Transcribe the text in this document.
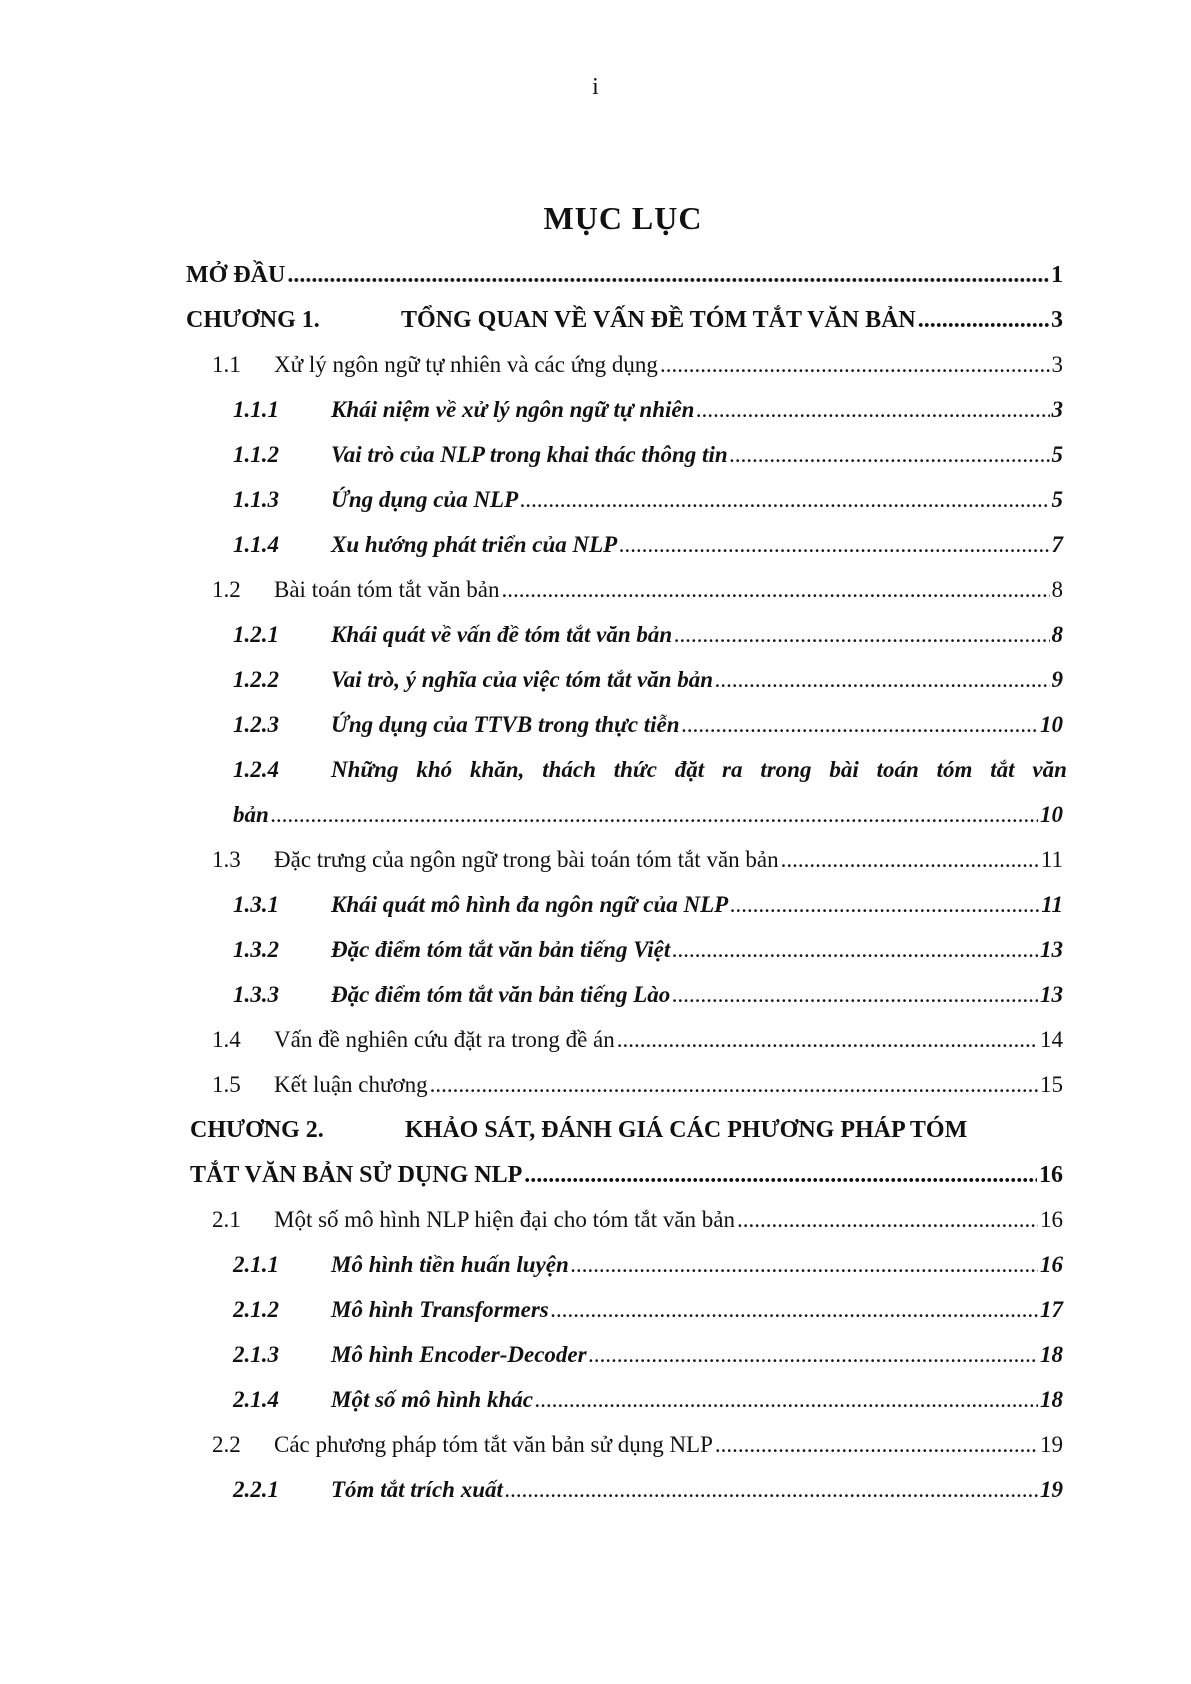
i
MỤC LỤC
MỞ ĐẦU .....	1
CHƯƠNG 1.	TỔNG QUAN VỀ VẤN ĐỀ TÓM TẮT VĂN BẢN .....	3
1.1	Xử lý ngôn ngữ tự nhiên và các ứng dụng .....	3
1.1.1	Khái niệm về xử lý ngôn ngữ tự nhiên .....	3
1.1.2	Vai trò của NLP trong khai thác thông tin .....	5
1.1.3	Ứng dụng của NLP .....	5
1.1.4	Xu hướng phát triển của NLP .....	7
1.2	Bài toán tóm tắt văn bản .....	8
1.2.1	Khái quát về vấn đề tóm tắt văn bản .....	8
1.2.2	Vai trò, ý nghĩa của việc tóm tắt văn bản .....	9
1.2.3	Ứng dụng của TTVB trong thực tiễn .....	10
1.2.4	Những khó khăn, thách thức đặt ra trong bài toán tóm tắt văn
bản .....	10
1.3	Đặc trưng của ngôn ngữ trong bài toán tóm tắt văn bản .....	11
1.3.1	Khái quát mô hình đa ngôn ngữ của NLP .....	11
1.3.2	Đặc điểm tóm tắt văn bản tiếng Việt .....	13
1.3.3	Đặc điểm tóm tắt văn bản tiếng Lào .....	13
1.4	Vấn đề nghiên cứu đặt ra trong đề án .....	14
1.5	Kết luận chương .....	15
CHƯƠNG 2.	KHẢO SÁT, ĐÁNH GIÁ CÁC PHƯƠNG PHÁP TÓM
TẮT VĂN BẢN SỬ DỤNG NLP .....	16
2.1	Một số mô hình NLP hiện đại cho tóm tắt văn bản .....	16
2.1.1	Mô hình tiền huấn luyện .....	16
2.1.2	Mô hình Transformers .....	17
2.1.3	Mô hình Encoder-Decoder .....	18
2.1.4	Một số mô hình khác .....	18
2.2	Các phương pháp tóm tắt văn bản sử dụng NLP .....	19
2.2.1	Tóm tắt trích xuất .....	19
